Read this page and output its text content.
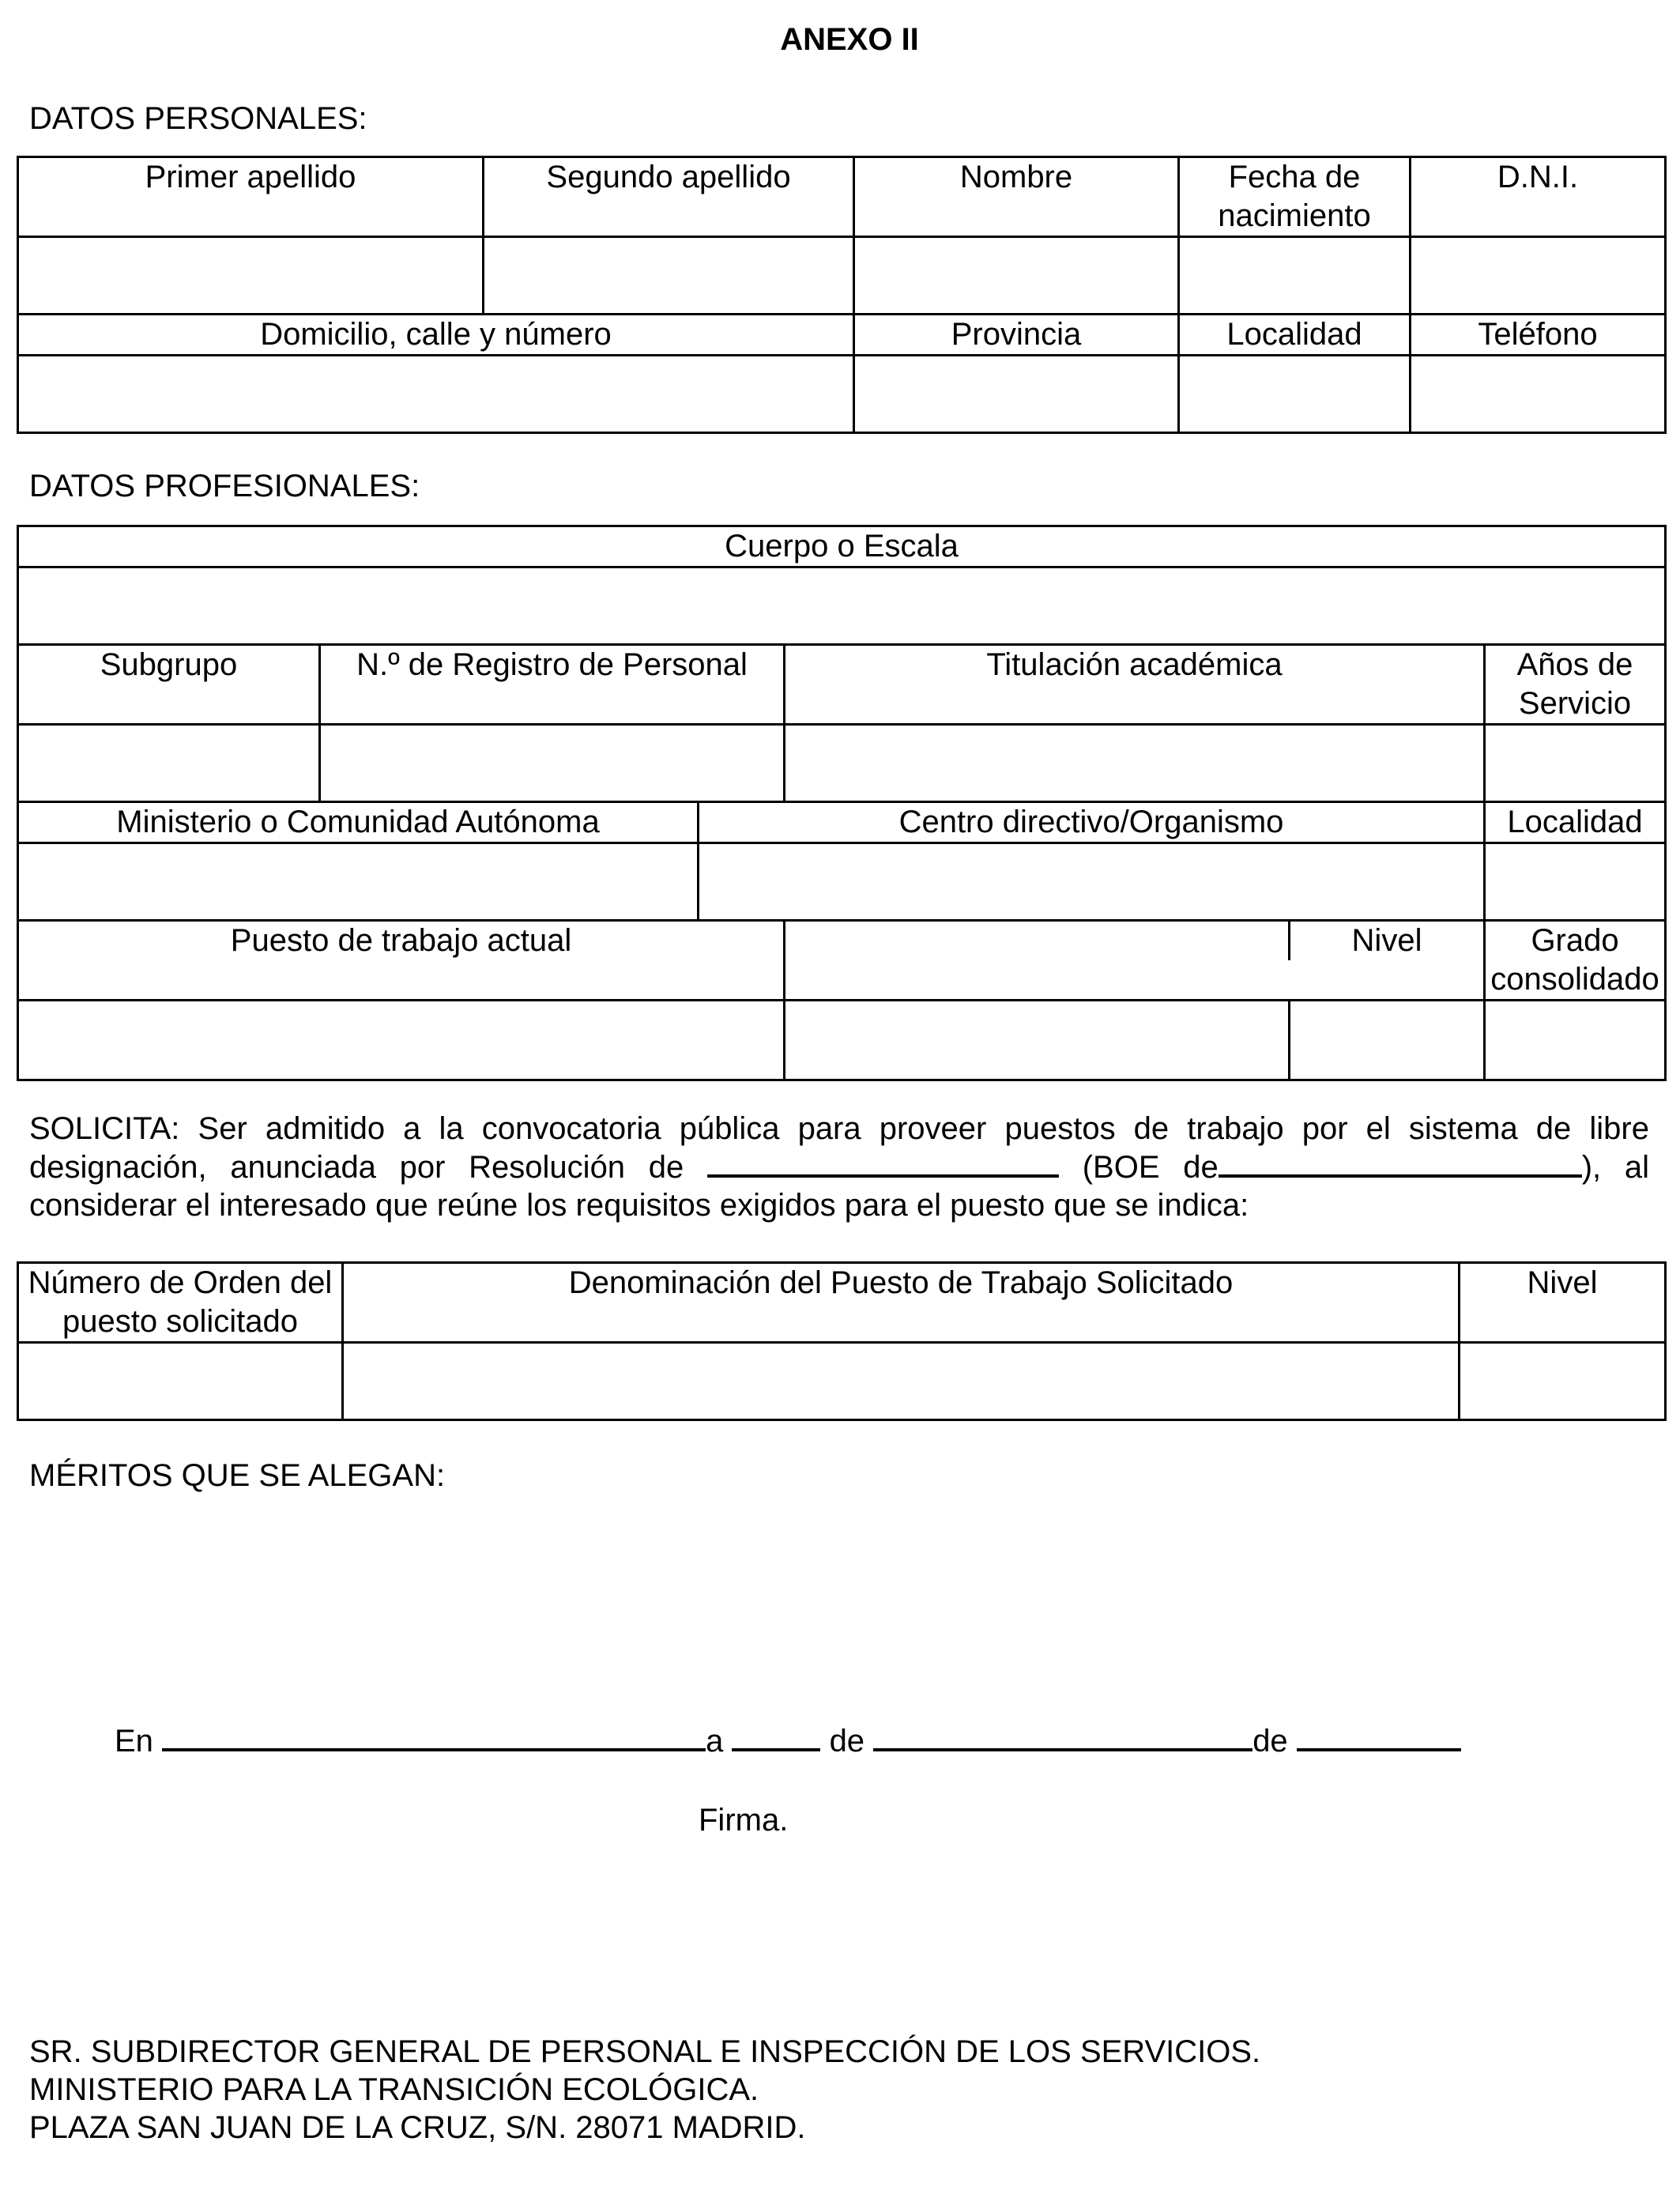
ANEXO II
DATOS PERSONALES:
Primer apellido	Segundo apellido	Nombre	Fecha de nacimiento	D.N.I.

Domicilio, calle y número		Provincia	Localidad	Teléfono

DATOS PROFESIONALES:
Cuerpo o Escala				

Subgrupo	N.º de Registro de Personal		Titulación académica	Años de Servicio

Ministerio o Comunidad Autónoma		Centro directivo/Organismo		Localidad

Puesto de trabajo actual			Nivel	Grado consolidado

SOLICITA: Ser admitido a la convocatoria pública para proveer puestos de trabajo por el sistema de libre designación, anunciada por Resolución de	(BOE de	), al considerar el interesado que reúne los requisitos exigidos para el puesto que se indica:
Número de Orden del puesto solicitado	Denominación del Puesto de Trabajo Solicitado	Nivel

MÉRITOS QUE SE ALEGAN:
En	a	de	de
Firma.
SR. SUBDIRECTOR GENERAL DE PERSONAL E INSPECCIÓN DE LOS SERVICIOS.
MINISTERIO PARA LA TRANSICIÓN ECOLÓGICA.
PLAZA SAN JUAN DE LA CRUZ, S/N. 28071 MADRID.
